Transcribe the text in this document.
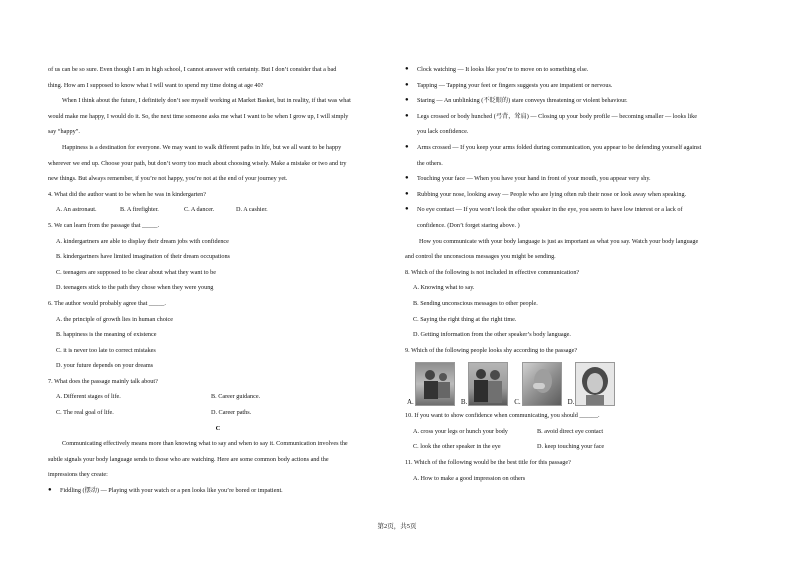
of us can be so sure. Even though I am in high school, I cannot answer with certainty. But I don’t consider that a bad
thing. How am I supposed to know what I will want to spend my time doing at age 40?
When I think about the future, I definitely don’t see myself working at Market Basket, but in reality, if that was what
would make me happy, I would do it. So, the next time someone asks me what I want to be when I grow up, I will simply
say “happy”.
Happiness is a destination for everyone. We may want to walk different paths in life, but we all want to be happy
wherever we end up. Choose your path, but don’t worry too much about choosing wisely. Make a mistake or two and try
new things. But always remember, if you’re not happy, you’re not at the end of your journey yet.
4. What did the author want to be when he was in kindergarten?
A. An astronaut.	B. A firefighter.	C. A dancer.	D. A cashier.
5. We can learn from the passage that _____.
A. kindergartners are able to display their dream jobs with confidence
B. kindergartners have limited imagination of their dream occupations
C. teenagers are supposed to be clear about what they want to be
D. teenagers stick to the path they chose when they were young
6. The author would probably agree that _____.
A. the principle of growth lies in human choice
B. happiness is the meaning of existence
C. it is never too late to correct mistakes
D. your future depends on your dreams
7. What does the passage mainly talk about?
A. Different stages of life.	B. Career guidance.
C. The real goal of life.	D. Career paths.
C
Communicating effectively means more than knowing what to say and when to say it. Communication involves the
subtle signals your body language sends to those who are watching. Here are some common body actions and the
impressions they create:
●	Fiddling (摆动) — Playing with your watch or a pen looks like you’re bored or impatient.
●	Clock watching — It looks like you’re to move on to something else.
●	Tapping — Tapping your feet or fingers suggests you are impatient or nervous.
●	Staring — An unblinking (不眨眼的) stare conveys threatening or violent behaviour.
●	Legs crossed or body hunched (弓背，耸肩) — Closing up your body profile — becoming smaller — looks like
you lack confidence.
●	Arms crossed — If you keep your arms folded during communication, you appear to be defending yourself against
the others.
●	Touching your face — When you have your hand in front of your mouth, you appear very shy.
●	Rubbing your nose, looking away — People who are lying often rub their nose or look away when speaking.
●	No eye contact — If you won’t look the other speaker in the eye, you seem to have low interest or a lack of
confidence. (Don’t forget staring above. )
How you communicate with your body language is just as important as what you say. Watch your body language
and control the unconscious messages you might be sending.
8. Which of the following is not included in effective communication?
A. Knowing what to say.
B. Sending unconscious messages to other people.
C. Saying the right thing at the right time.
D. Getting information from the other speaker’s body language.
9. Which of the following people looks shy according to the passage?
A.	B.	C.	D.
10. If you want to show confidence when communicating, you should ______.
A. cross your legs or hunch your body	B. avoid direct eye contact
C. look the other speaker in the eye	D. keep touching your face
11. Which of the following would be the best title for this passage?
A. How to make a good impression on others
第2页，共5页
